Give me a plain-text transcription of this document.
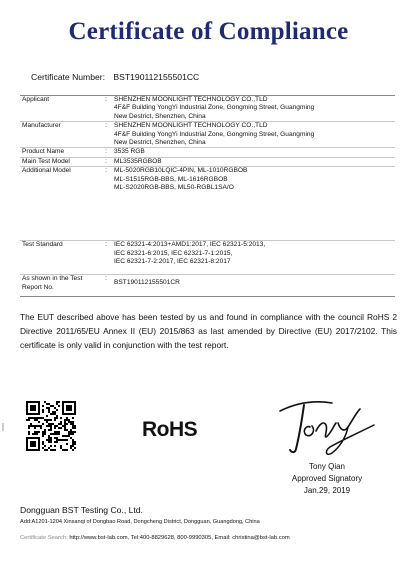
Certificate of Compliance
Certificate Number: BST190112155501CC
Applicant	:	SHENZHEN MOONLIGHT TECHNOLOGY CO.,TLD
4F&F Building YongYi Industrial Zone, Gongming Street, Guangming
New Destrict, Shenzhen, China

Manufacturer	:	SHENZHEN MOONLIGHT TECHNOLOGY CO.,TLD
4F&F Building YongYi Industrial Zone, Gongming Street, Guangming
New Destrict, Shenzhen, China

Product Name	:	3535 RGB
Main Test Model	:	ML3535RGBOB
Additional Model	:	ML-5020RGB10LQIC-4PIN, ML-1010RGBOB
ML-S1515RGB-BBS, ML-1616RGBOB
ML-S2020RGB-BBS, ML50-RGBL1SA/O

Test Standard	:	IEC 62321-4:2013+AMD1:2017, IEC 62321-5:2013,
IEC 62321-6:2015, IEC 62321-7-1:2015,
IEC 62321-7-2:2017, IEC 62321-8:2017

As shown in the Test Report No.	:	BST190112155501CR
The EUT described above has been tested by us and found in compliance with the council RoHS 2 Directive 2011/65/EU Annex II (EU) 2015/863 as last amended by Directive (EU) 2017/2102. This certificate is only valid in conjunction with the test report.
RoHS
Tony Qian
Approved Signatory
Jan.29, 2019
Dongguan BST Testing Co., Ltd.
Add:A1201-1204 Xinsanqi of Dongbao Road, Dongcheng District, Dongguan, Guangdong, China
Certificate Search: http://www.bst-lab.com, Tel:400-8829628, 800-9990305, Email: christina@bst-lab.com
